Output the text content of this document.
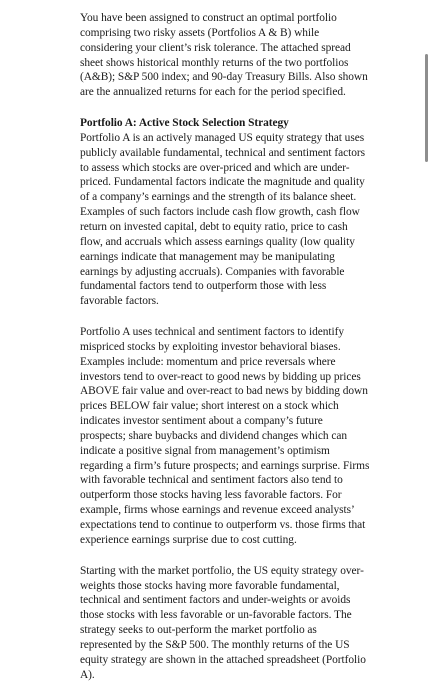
You have been assigned to construct an optimal portfolio comprising two risky assets (Portfolios A & B) while considering your client’s risk tolerance. The attached spread sheet shows historical monthly returns of the two portfolios (A&B); S&P 500 index; and 90-day Treasury Bills. Also shown are the annualized returns for each for the period specified.

Portfolio A: Active Stock Selection Strategy
Portfolio A is an actively managed US equity strategy that uses publicly available fundamental, technical and sentiment factors to assess which stocks are over-priced and which are under-priced. Fundamental factors indicate the magnitude and quality of a company’s earnings and the strength of its balance sheet. Examples of such factors include cash flow growth, cash flow return on invested capital, debt to equity ratio, price to cash flow, and accruals which assess earnings quality (low quality earnings indicate that management may be manipulating earnings by adjusting accruals). Companies with favorable fundamental factors tend to outperform those with less favorable factors.

Portfolio A uses technical and sentiment factors to identify mispriced stocks by exploiting investor behavioral biases. Examples include: momentum and price reversals where investors tend to over-react to good news by bidding up prices ABOVE fair value and over-react to bad news by bidding down prices BELOW fair value; short interest on a stock which indicates investor sentiment about a company’s future prospects; share buybacks and dividend changes which can indicate a positive signal from management’s optimism regarding a firm’s future prospects; and earnings surprise. Firms with favorable technical and sentiment factors also tend to outperform those stocks having less favorable factors. For example, firms whose earnings and revenue exceed analysts’ expectations tend to continue to outperform vs. those firms that experience earnings surprise due to cost cutting.

Starting with the market portfolio, the US equity strategy over-weights those stocks having more favorable fundamental, technical and sentiment factors and under-weights or avoids those stocks with less favorable or un-favorable factors. The strategy seeks to out-perform the market portfolio as represented by the S&P 500. The monthly returns of the US equity strategy are shown in the attached spreadsheet (Portfolio A).
